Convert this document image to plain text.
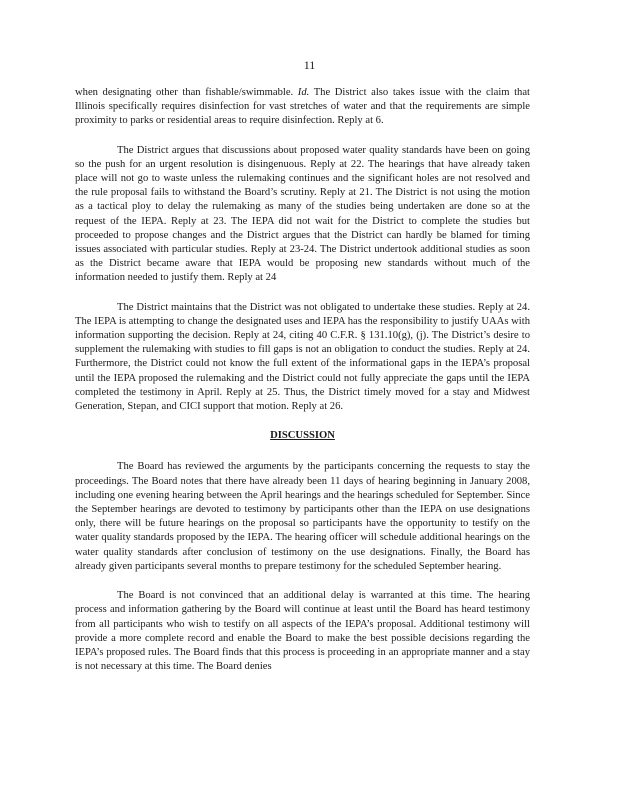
11

when designating other than fishable/swimmable. Id. The District also takes issue with the claim that Illinois specifically requires disinfection for vast stretches of water and that the requirements are simple proximity to parks or residential areas to require disinfection. Reply at 6.

The District argues that discussions about proposed water quality standards have been on going so the push for an urgent resolution is disingenuous. Reply at 22. The hearings that have already taken place will not go to waste unless the rulemaking continues and the significant holes are not resolved and the rule proposal fails to withstand the Board’s scrutiny. Reply at 21. The District is not using the motion as a tactical ploy to delay the rulemaking as many of the studies being undertaken are done so at the request of the IEPA. Reply at 23. The IEPA did not wait for the District to complete the studies but proceeded to propose changes and the District argues that the District can hardly be blamed for timing issues associated with particular studies. Reply at 23-24. The District undertook additional studies as soon as the District became aware that IEPA would be proposing new standards without much of the information needed to justify them. Reply at 24

The District maintains that the District was not obligated to undertake these studies. Reply at 24. The IEPA is attempting to change the designated uses and IEPA has the responsibility to justify UAAs with information supporting the decision. Reply at 24, citing 40 C.F.R. § 131.10(g), (j). The District’s desire to supplement the rulemaking with studies to fill gaps is not an obligation to conduct the studies. Reply at 24. Furthermore, the District could not know the full extent of the informational gaps in the IEPA’s proposal until the IEPA proposed the rulemaking and the District could not fully appreciate the gaps until the IEPA completed the testimony in April. Reply at 25. Thus, the District timely moved for a stay and Midwest Generation, Stepan, and CICI support that motion. Reply at 26.

DISCUSSION

The Board has reviewed the arguments by the participants concerning the requests to stay the proceedings. The Board notes that there have already been 11 days of hearing beginning in January 2008, including one evening hearing between the April hearings and the hearings scheduled for September. Since the September hearings are devoted to testimony by participants other than the IEPA on use designations only, there will be future hearings on the proposal so participants have the opportunity to testify on the water quality standards proposed by the IEPA. The hearing officer will schedule additional hearings on the water quality standards after conclusion of testimony on the use designations. Finally, the Board has already given participants several months to prepare testimony for the scheduled September hearing.

The Board is not convinced that an additional delay is warranted at this time. The hearing process and information gathering by the Board will continue at least until the Board has heard testimony from all participants who wish to testify on all aspects of the IEPA’s proposal. Additional testimony will provide a more complete record and enable the Board to make the best possible decisions regarding the IEPA’s proposed rules. The Board finds that this process is proceeding in an appropriate manner and a stay is not necessary at this time. The Board denies
